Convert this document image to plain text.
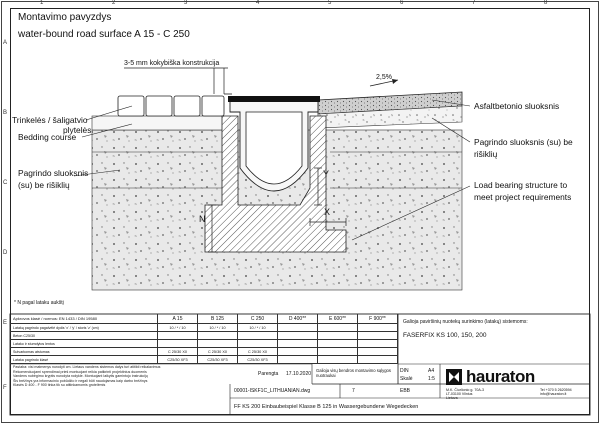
1	2	3	4	5	6	7	8
A
B
C
D
E
F
Montavimo pavyzdys
water-bound road surface A 15 - C 250
3-5 mm kokybiška konstrukcija
2,5%
Trinkelės / šaligatvio
plytelės
Bedding course
Pagrindo sluoksnis
(su) be rišiklių
Asfaltbetonio sluoksnis
Pagrindo sluoksnis (su) be
rišiklių
Load bearing structure to
meet project requirements
Y
X
N
* N pagal lataku aukštį
Apkrovos klasė / normos: EN 1433 / DIN 19580	A 15	B 125	C 250	D 400**	E 600**	F 900**
Lataką pagrindo pagalvėlė dydis 'x' / 'y' / storis 'z' (cm)	10 / * / 10	10 / * / 10	10 / * / 10
Beton C25/30
Latako ir stumdytos lentos
Sutvarkomas atstumas	C 25/30 X0	C 25/30 X0	C 25/30 X0
Lataka pagrindo klasė	C25/30 XF3	C25/30 XF3	C25/30 XF3
Pastaba: visi matmenys nurodyti cm. Lietaus vandens sistemos dalys turi atitikti reikalavimus
Rekomenduojami sprendimai prieš montuojant reikia patikrinti projektinius duomenis
Vandens nubėgimo kryptis nurodyta rodykle. Montuojant laikytis gamintojo instrukcijų
Šis brėžinys yra informacinio pobūdžio ir negali būti naudojamas kaip darbo brėžinys
Klasės D 400 - F 900 tinka tik su atitinkamomis grotelėmis
Galioja paviršinių nuotekų surinkimo (latakų) sistemoms:
FASERFIX KS 100, 150, 200
Parengta 17.10.2020
Galioja visų bendros montavimo sąlygos nuotraukai
00001-ISKF1C_LITHUANIAN.dwg	7
DIN	A4
Skalė	1:5
EBB
hauraton
M.K. Čiurlionio g. 70A-3
LT-03100 Vilnius
Lietuva
Tel +370 5 2620594
info@hauraton.lt
FF KS 200 Einbaubeispiel Klasse B 125 in Wassergebundene Wegedecken
